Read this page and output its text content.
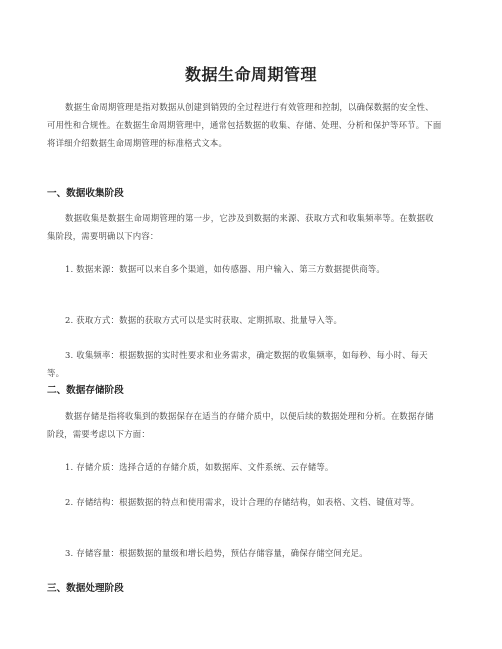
数据生命周期管理
数据生命周期管理是指对数据从创建到销毁的全过程进行有效管理和控制，以确保数据的安全性、可用性和合规性。在数据生命周期管理中，通常包括数据的收集、存储、处理、分析和保护等环节。下面将详细介绍数据生命周期管理的标准格式文本。
一、数据收集阶段
数据收集是数据生命周期管理的第一步，它涉及到数据的来源、获取方式和收集频率等。在数据收集阶段，需要明确以下内容：
1. 数据来源：数据可以来自多个渠道，如传感器、用户输入、第三方数据提供商等。
2. 获取方式：数据的获取方式可以是实时获取、定期抓取、批量导入等。
3. 收集频率：根据数据的实时性要求和业务需求，确定数据的收集频率，如每秒、每小时、每天等。
二、数据存储阶段
数据存储是指将收集到的数据保存在适当的存储介质中，以便后续的数据处理和分析。在数据存储阶段，需要考虑以下方面：
1. 存储介质：选择合适的存储介质，如数据库、文件系统、云存储等。
2. 存储结构：根据数据的特点和使用需求，设计合理的存储结构，如表格、文档、键值对等。
3. 存储容量：根据数据的量级和增长趋势，预估存储容量，确保存储空间充足。
三、数据处理阶段
